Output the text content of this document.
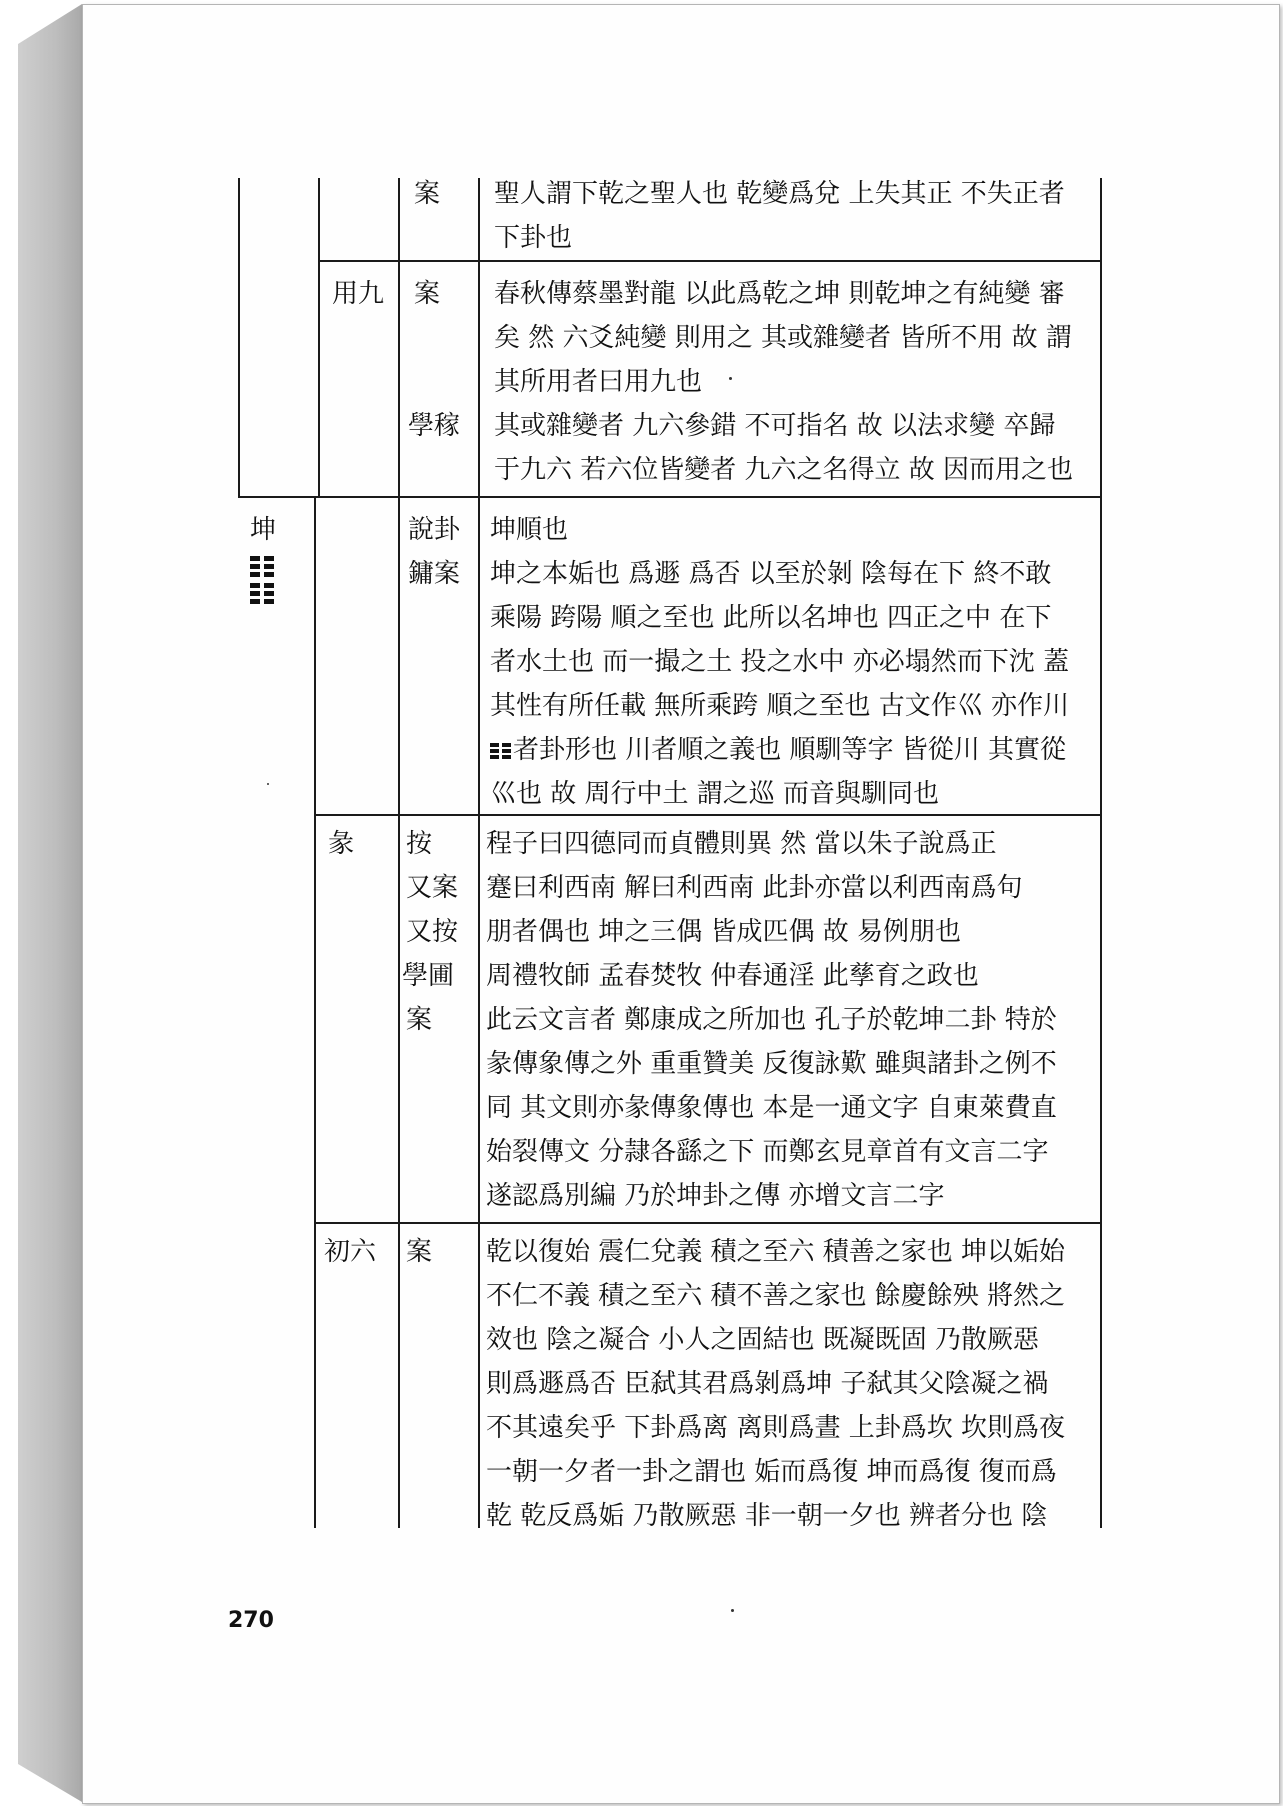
案 聖人謂下乾之聖人也 乾變爲兌 上失其正 不失正者
下卦也
用九 案 春秋傳蔡墨對龍 以此爲乾之坤 則乾坤之有純變 審
矣 然 六爻純變 則用之 其或雜變者 皆所不用 故 謂
其所用者曰用九也
學稼 其或雜變者 九六參錯 不可指名 故 以法求變 卒歸
于九六 若六位皆變者 九六之名得立 故 因而用之也
坤	說卦 坤順也
鏞案 坤之本姤也 爲遯 爲否 以至於剝 陰每在下 終不敢
乘陽 跨陽 順之至也 此所以名坤也 四正之中 在下
者水土也 而一撮之土 投之水中 亦必塌然而下沈 蓋
其性有所任載 無所乘跨 順之至也 古文作巛 亦作川
者卦形也 川者順之義也 順馴等字 皆從川 其實從
巛也 故 周行中土 謂之巡 而音與馴同也
彖 按 程子曰四德同而貞體則異 然 當以朱子說爲正
又案 蹇曰利西南 解曰利西南 此卦亦當以利西南爲句
又按 朋者偶也 坤之三偶 皆成匹偶 故 易例朋也
學圃 周禮牧師 孟春焚牧 仲春通淫 此孳育之政也
案 此云文言者 鄭康成之所加也 孔子於乾坤二卦 特於
彖傳象傳之外 重重贊美 反復詠歎 雖與諸卦之例不
同 其文則亦彖傳象傳也 本是一通文字 自東萊費直
始裂傳文 分隷各繇之下 而鄭玄見章首有文言二字
遂認爲別編 乃於坤卦之傳 亦增文言二字
初六 案 乾以復始 震仁兌義 積之至六 積善之家也 坤以姤始
不仁不義 積之至六 積不善之家也 餘慶餘殃 將然之
效也 陰之凝合 小人之固結也 既凝既固 乃散厥惡
則爲遯爲否 臣弑其君爲剝爲坤 子弑其父陰凝之禍
不其遠矣乎 下卦爲离 离則爲晝 上卦爲坎 坎則爲夜
一朝一夕者一卦之謂也 姤而爲復 坤而爲復 復而爲
乾 乾反爲姤 乃散厥惡 非一朝一夕也 辨者分也 陰
270
